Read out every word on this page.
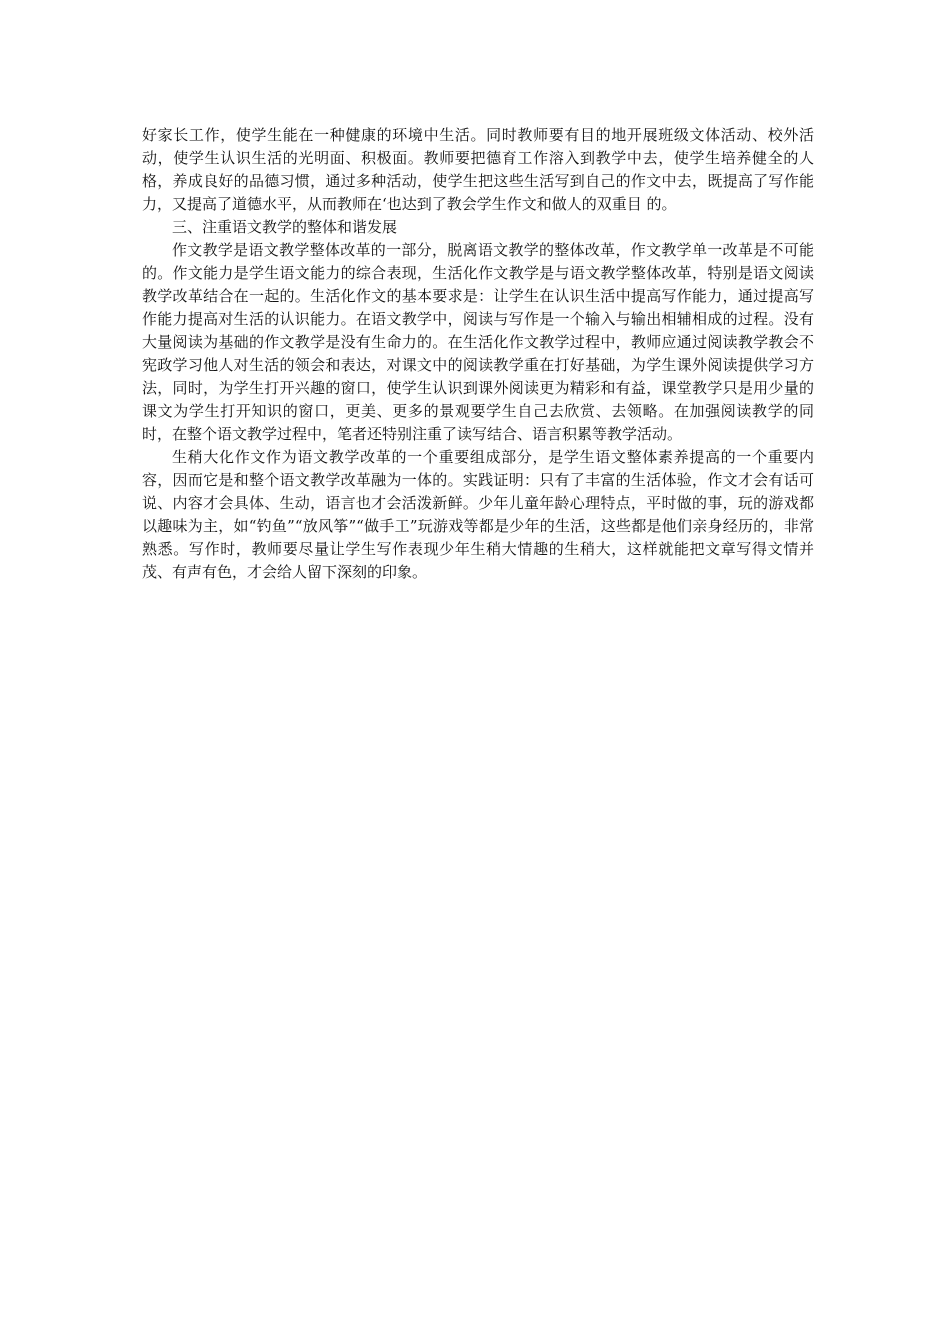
好家长工作，使学生能在一种健康的环境中生活。同时教师要有目的地开展班级文体活动、校外活动，使学生认识生活的光明面、积极面。教师要把德育工作溶入到教学中去，使学生培养健全的人格，养成良好的品德习惯，通过多种活动，使学生把这些生活写到自己的作文中去，既提高了写作能力，又提高了道德水平，从而教师在‘也达到了教会学生作文和做人的双重目 的。

三、注重语文教学的整体和谐发展

作文教学是语文教学整体改革的一部分，脱离语文教学的整体改革，作文教学单一改革是不可能的。作文能力是学生语文能力的综合表现，生活化作文教学是与语文教学整体改革，特别是语文阅读教学改革结合在一起的。生活化作文的基本要求是：让学生在认识生活中提高写作能力，通过提高写作能力提高对生活的认识能力。在语文教学中，阅读与写作是一个输入与输出相辅相成的过程。没有大量阅读为基础的作文教学是没有生命力的。在生活化作文教学过程中，教师应通过阅读教学教会不宪政学习他人对生活的领会和表达，对课文中的阅读教学重在打好基础，为学生课外阅读提供学习方法，同时，为学生打开兴趣的窗口，使学生认识到课外阅读更为精彩和有益，课堂教学只是用少量的课文为学生打开知识的窗口，更美、更多的景观要学生自己去欣赏、去领略。在加强阅读教学的同时，在整个语文教学过程中，笔者还特别注重了读写结合、语言积累等教学活动。

生稍大化作文作为语文教学改革的一个重要组成部分，是学生语文整体素养提高的一个重要内容，因而它是和整个语文教学改革融为一体的。实践证明：只有了丰富的生活体验，作文才会有话可说、内容才会具体、生动，语言也才会活泼新鲜。少年儿童年龄心理特点，平时做的事，玩的游戏都以趣味为主，如“钓鱼”“放风筝”“做手工”玩游戏等都是少年的生活，这些都是他们亲身经历的，非常熟悉。写作时，教师要尽量让学生写作表现少年生稍大情趣的生稍大，这样就能把文章写得文情并茂、有声有色，才会给人留下深刻的印象。
